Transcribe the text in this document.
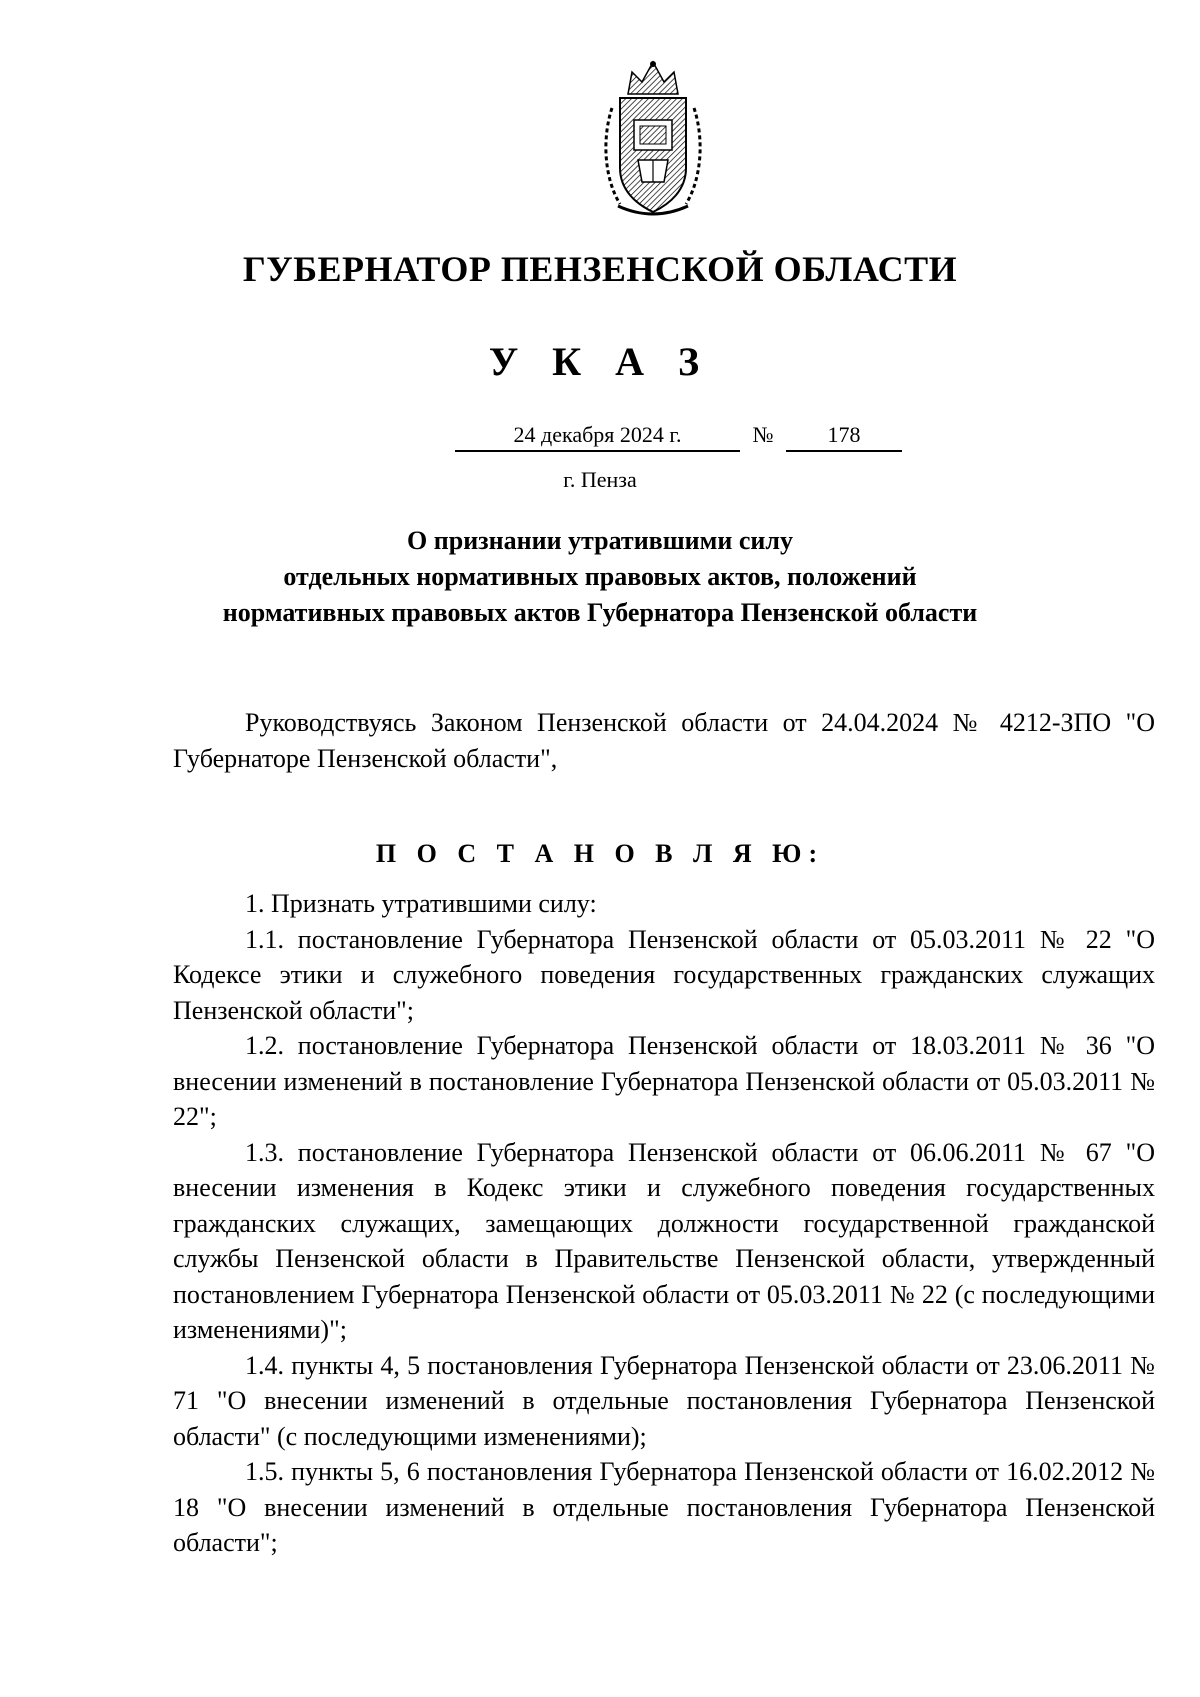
ГУБЕРНАТОР ПЕНЗЕНСКОЙ ОБЛАСТИ
У К А З
24 декабря 2024 г.	№	178
г. Пенза
О признании утратившими силу
отдельных нормативных правовых актов, положений
нормативных правовых актов Губернатора Пензенской области

Руководствуясь Законом Пензенской области от 24.04.2024 № 4212-ЗПО "О Губернаторе Пензенской области",

П О С Т А Н О В Л Я Ю:

1. Признать утратившими силу:

1.1. постановление Губернатора Пензенской области от 05.03.2011 № 22 "О Кодексе этики и служебного поведения государственных гражданских служащих Пензенской области";

1.2. постановление Губернатора Пензенской области от 18.03.2011 № 36 "О внесении изменений в постановление Губернатора Пензенской области от 05.03.2011 № 22";

1.3. постановление Губернатора Пензенской области от 06.06.2011 № 67 "О внесении изменения в Кодекс этики и служебного поведения государственных гражданских служащих, замещающих должности государственной гражданской службы Пензенской области в Правительстве Пензенской области, утвержденный постановлением Губернатора Пензенской области от 05.03.2011 № 22 (с последующими изменениями)";

1.4. пункты 4, 5 постановления Губернатора Пензенской области от 23.06.2011 № 71 "О внесении изменений в отдельные постановления Губернатора Пензенской области" (с последующими изменениями);

1.5. пункты 5, 6 постановления Губернатора Пензенской области от 16.02.2012 № 18 "О внесении изменений в отдельные постановления Губернатора Пензенской области";
